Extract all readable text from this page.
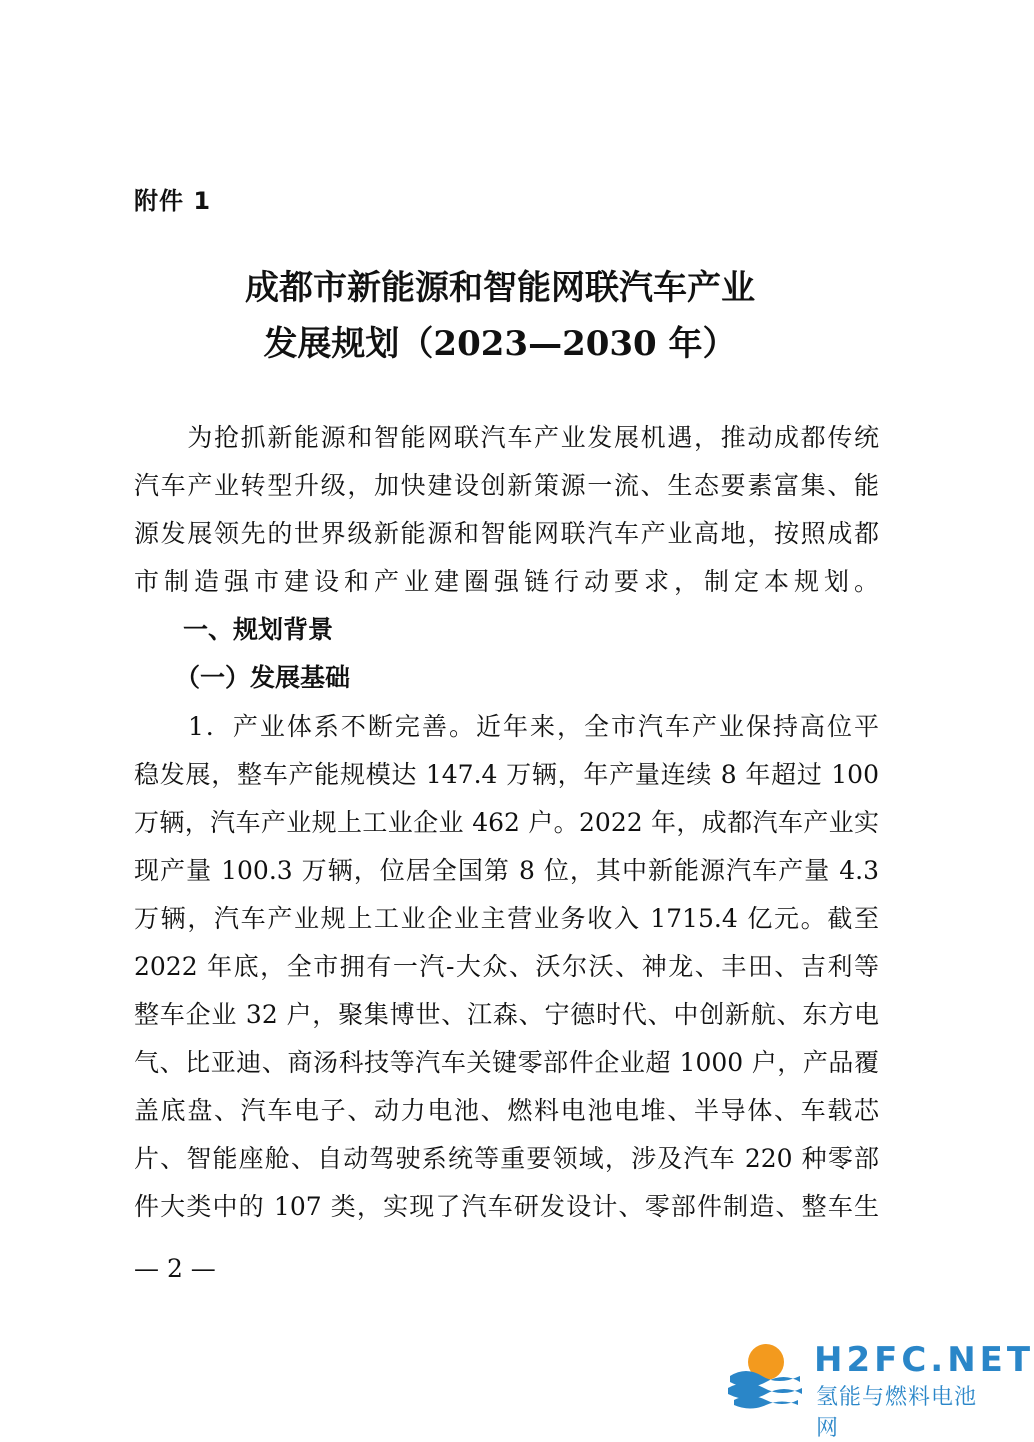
附件 1
成都市新能源和智能网联汽车产业
发展规划（2023—2030 年）
　　为抢抓新能源和智能网联汽车产业发展机遇，推动成都传统
汽车产业转型升级，加快建设创新策源一流、生态要素富集、能
源发展领先的世界级新能源和智能网联汽车产业高地，按照成都
市制造强市建设和产业建圈强链行动要求，制定本规划。
一、规划背景
（一）发展基础
　　1．产业体系不断完善。近年来，全市汽车产业保持高位平
稳发展，整车产能规模达 147.4 万辆，年产量连续 8 年超过 100
万辆，汽车产业规上工业企业 462 户。2022 年，成都汽车产业实
现产量 100.3 万辆，位居全国第 8 位，其中新能源汽车产量 4.3
万辆，汽车产业规上工业企业主营业务收入 1715.4 亿元。截至
2022 年底，全市拥有一汽-大众、沃尔沃、神龙、丰田、吉利等
整车企业 32 户，聚集博世、江森、宁德时代、中创新航、东方电
气、比亚迪、商汤科技等汽车关键零部件企业超 1000 户，产品覆
盖底盘、汽车电子、动力电池、燃料电池电堆、半导体、车载芯
片、智能座舱、自动驾驶系统等重要领域，涉及汽车 220 种零部
件大类中的 107 类，实现了汽车研发设计、零部件制造、整车生
— 2 —
H2FC.NET
氢能与燃料电池网
